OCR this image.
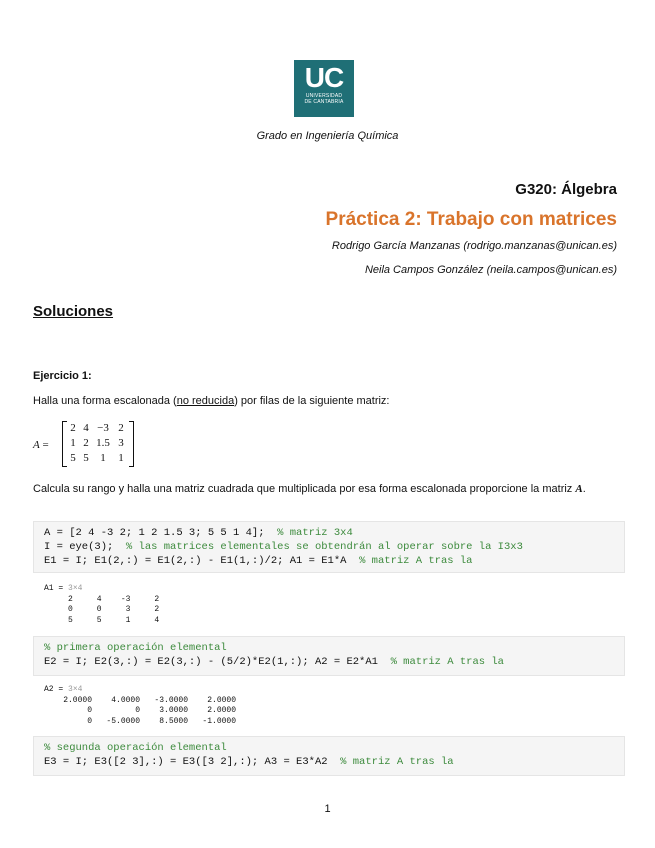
UC
UNIVERSIDAD
DE CANTABRIA
Grado en Ingeniería Química
G320: Álgebra
Práctica 2: Trabajo con matrices
Rodrigo García Manzanas (rodrigo.manzanas@unican.es)
Neila Campos González (neila.campos@unican.es)
Soluciones
Ejercicio 1:
Halla una forma escalonada (no reducida) por filas de la siguiente matriz:
A =
2 4 −3 2
1 2 1.5 3
5 5	1	1
Calcula su rango y halla una matriz cuadrada que multiplicada por esa forma escalonada proporcione la matriz A.
A = [2 4 -3 2; 1 2 1.5 3; 5 5 1 4];  % matriz 3x4
I = eye(3);  % las matrices elementales se obtendrán al operar sobre la I3x3
E1 = I; E1(2,:) = E1(2,:) - E1(1,:)/2; A1 = E1*A  % matriz A tras la
A1 = 3×4
2     4    -3     2
0     0     3     2
5     5     1     4
% primera operación elemental
E2 = I; E2(3,:) = E2(3,:) - (5/2)*E2(1,:); A2 = E2*A1  % matriz A tras la
A2 = 3×4
2.0000    4.0000   -3.0000    2.0000
0         0    3.0000    2.0000
0   -5.0000    8.5000   -1.0000
% segunda operación elemental
E3 = I; E3([2 3],:) = E3([3 2],:); A3 = E3*A2  % matriz A tras la
1
